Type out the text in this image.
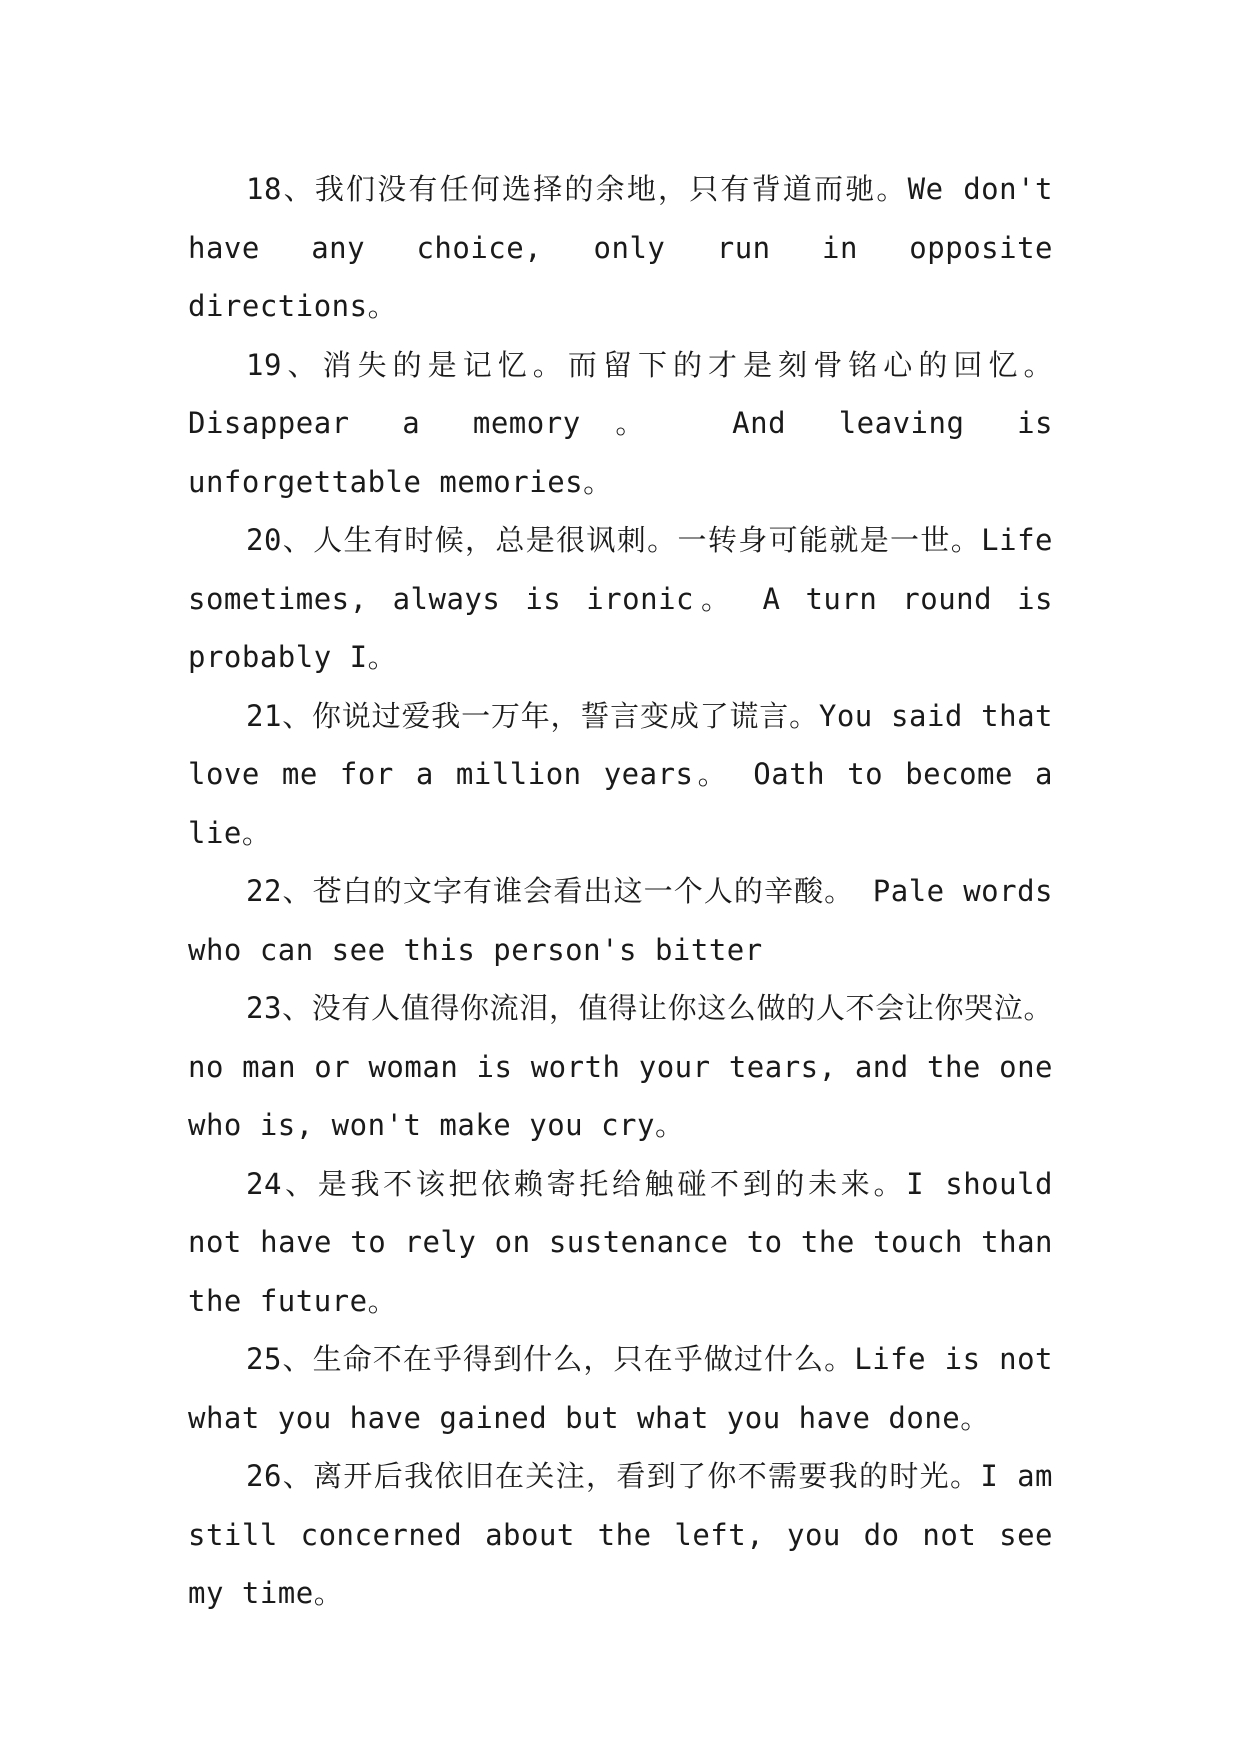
18、我们没有任何选择的余地，只有背道而驰。We don't have any choice, only run in opposite directions。

19、消失的是记忆。而留下的才是刻骨铭心的回忆。Disappear a memory。 And leaving is unforgettable memories。

20、人生有时候，总是很讽刺。一转身可能就是一世。Life sometimes, always is ironic。 A turn round is probably I。

21、你说过爱我一万年，誓言变成了谎言。You said that love me for a million years。 Oath to become a lie。

22、苍白的文字有谁会看出这一个人的辛酸。 Pale words who can see this person's bitter

23、没有人值得你流泪，值得让你这么做的人不会让你哭泣。 no man or woman is worth your tears, and the one who is, won't make you cry。

24、是我不该把依赖寄托给触碰不到的未来。I should not have to rely on sustenance to the touch than the future。

25、生命不在乎得到什么，只在乎做过什么。Life is not what you have gained but what you have done。

26、离开后我依旧在关注，看到了你不需要我的时光。I am still concerned about the left, you do not see my time。
